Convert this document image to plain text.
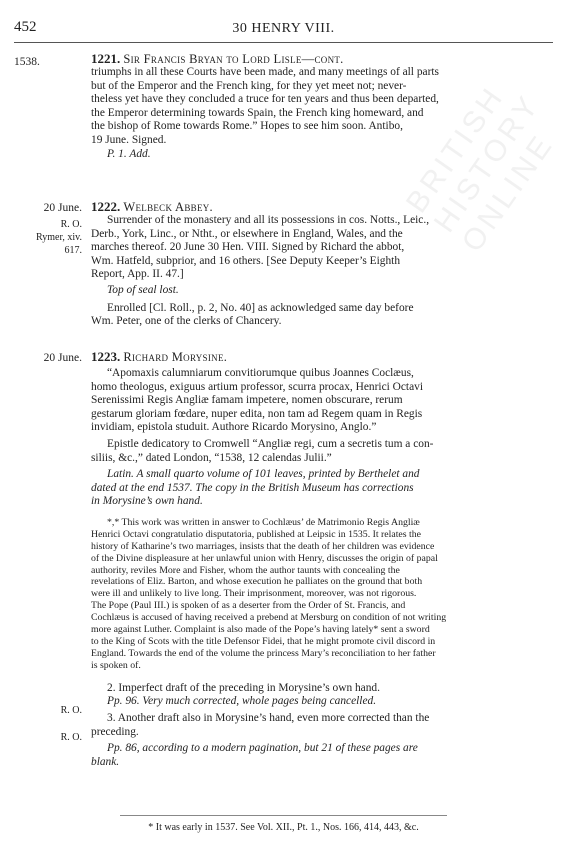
BRITISH HISTORY ONLINE
452	30 HENRY VIII.
1538.
20 June.
R. O.
Rymer, xiv.
617.
20 June.
R. O.
R. O.

1221. Sir Francis Bryan to Lord Lisle—cont.

triumphs in all these Courts have been made, and many meetings of all parts

but of the Emperor and the French king, for they yet meet not; never-

theless yet have they concluded a truce for ten years and thus been departed,

the Emperor determining towards Spain, the French king homeward, and

the bishop of Rome towards Rome.” Hopes to see him soon. Antibo,

19 June. Signed.

P. 1. Add.

1222. Welbeck Abbey.

Surrender of the monastery and all its possessions in cos. Notts., Leic.,

Derb., York, Linc., or Ntht., or elsewhere in England, Wales, and the

marches thereof. 20 June 30 Hen. VIII. Signed by Richard the abbot,

Wm. Hatfeld, subprior, and 16 others. [See Deputy Keeper’s Eighth

Report, App. II. 47.]

Top of seal lost.

Enrolled [Cl. Roll., p. 2, No. 40] as acknowledged same day before

Wm. Peter, one of the clerks of Chancery.

1223. Richard Morysine.

“Apomaxis calumniarum convitiorumque quibus Joannes Coclæus,

homo theologus, exiguus artium professor, scurra procax, Henrici Octavi

Serenissimi Regis Angliæ famam impetere, nomen obscurare, rerum

gestarum gloriam fœdare, nuper edita, non tam ad Regem quam in Regis

invidiam, epistola studuit. Authore Ricardo Morysino, Anglo.”

Epistle dedicatory to Cromwell “Angliæ regi, cum a secretis tum a con-

siliis, &c.,” dated London, “1538, 12 calendas Julii.”

Latin. A small quarto volume of 101 leaves, printed by Berthelet and

dated at the end 1537. The copy in the British Museum has corrections

in Morysine’s own hand.

*,* This work was written in answer to Cochlæus’ de Matrimonio Regis Angliæ

Henrici Octavi congratulatio disputatoria, published at Leipsic in 1535. It relates the

history of Katharine’s two marriages, insists that the death of her children was evidence

of the Divine displeasure at her unlawful union with Henry, discusses the origin of papal

authority, reviles More and Fisher, whom the author taunts with concealing the

revelations of Eliz. Barton, and whose execution he palliates on the ground that both

were ill and unlikely to live long. Their imprisonment, moreover, was not rigorous.

The Pope (Paul III.) is spoken of as a deserter from the Order of St. Francis, and

Cochlæus is accused of having received a prebend at Mersburg on condition of not writing

more against Luther. Complaint is also made of the Pope’s having lately* sent a sword

to the King of Scots with the title Defensor Fidei, that he might promote civil discord in

England. Towards the end of the volume the princess Mary’s reconciliation to her father

is spoken of.

2. Imperfect draft of the preceding in Morysine’s own hand.

Pp. 96. Very much corrected, whole pages being cancelled.

3. Another draft also in Morysine’s hand, even more corrected than the

preceding.

Pp. 86, according to a modern pagination, but 21 of these pages are

blank.

* It was early in 1537. See Vol. XII., Pt. 1., Nos. 166, 414, 443, &c.
